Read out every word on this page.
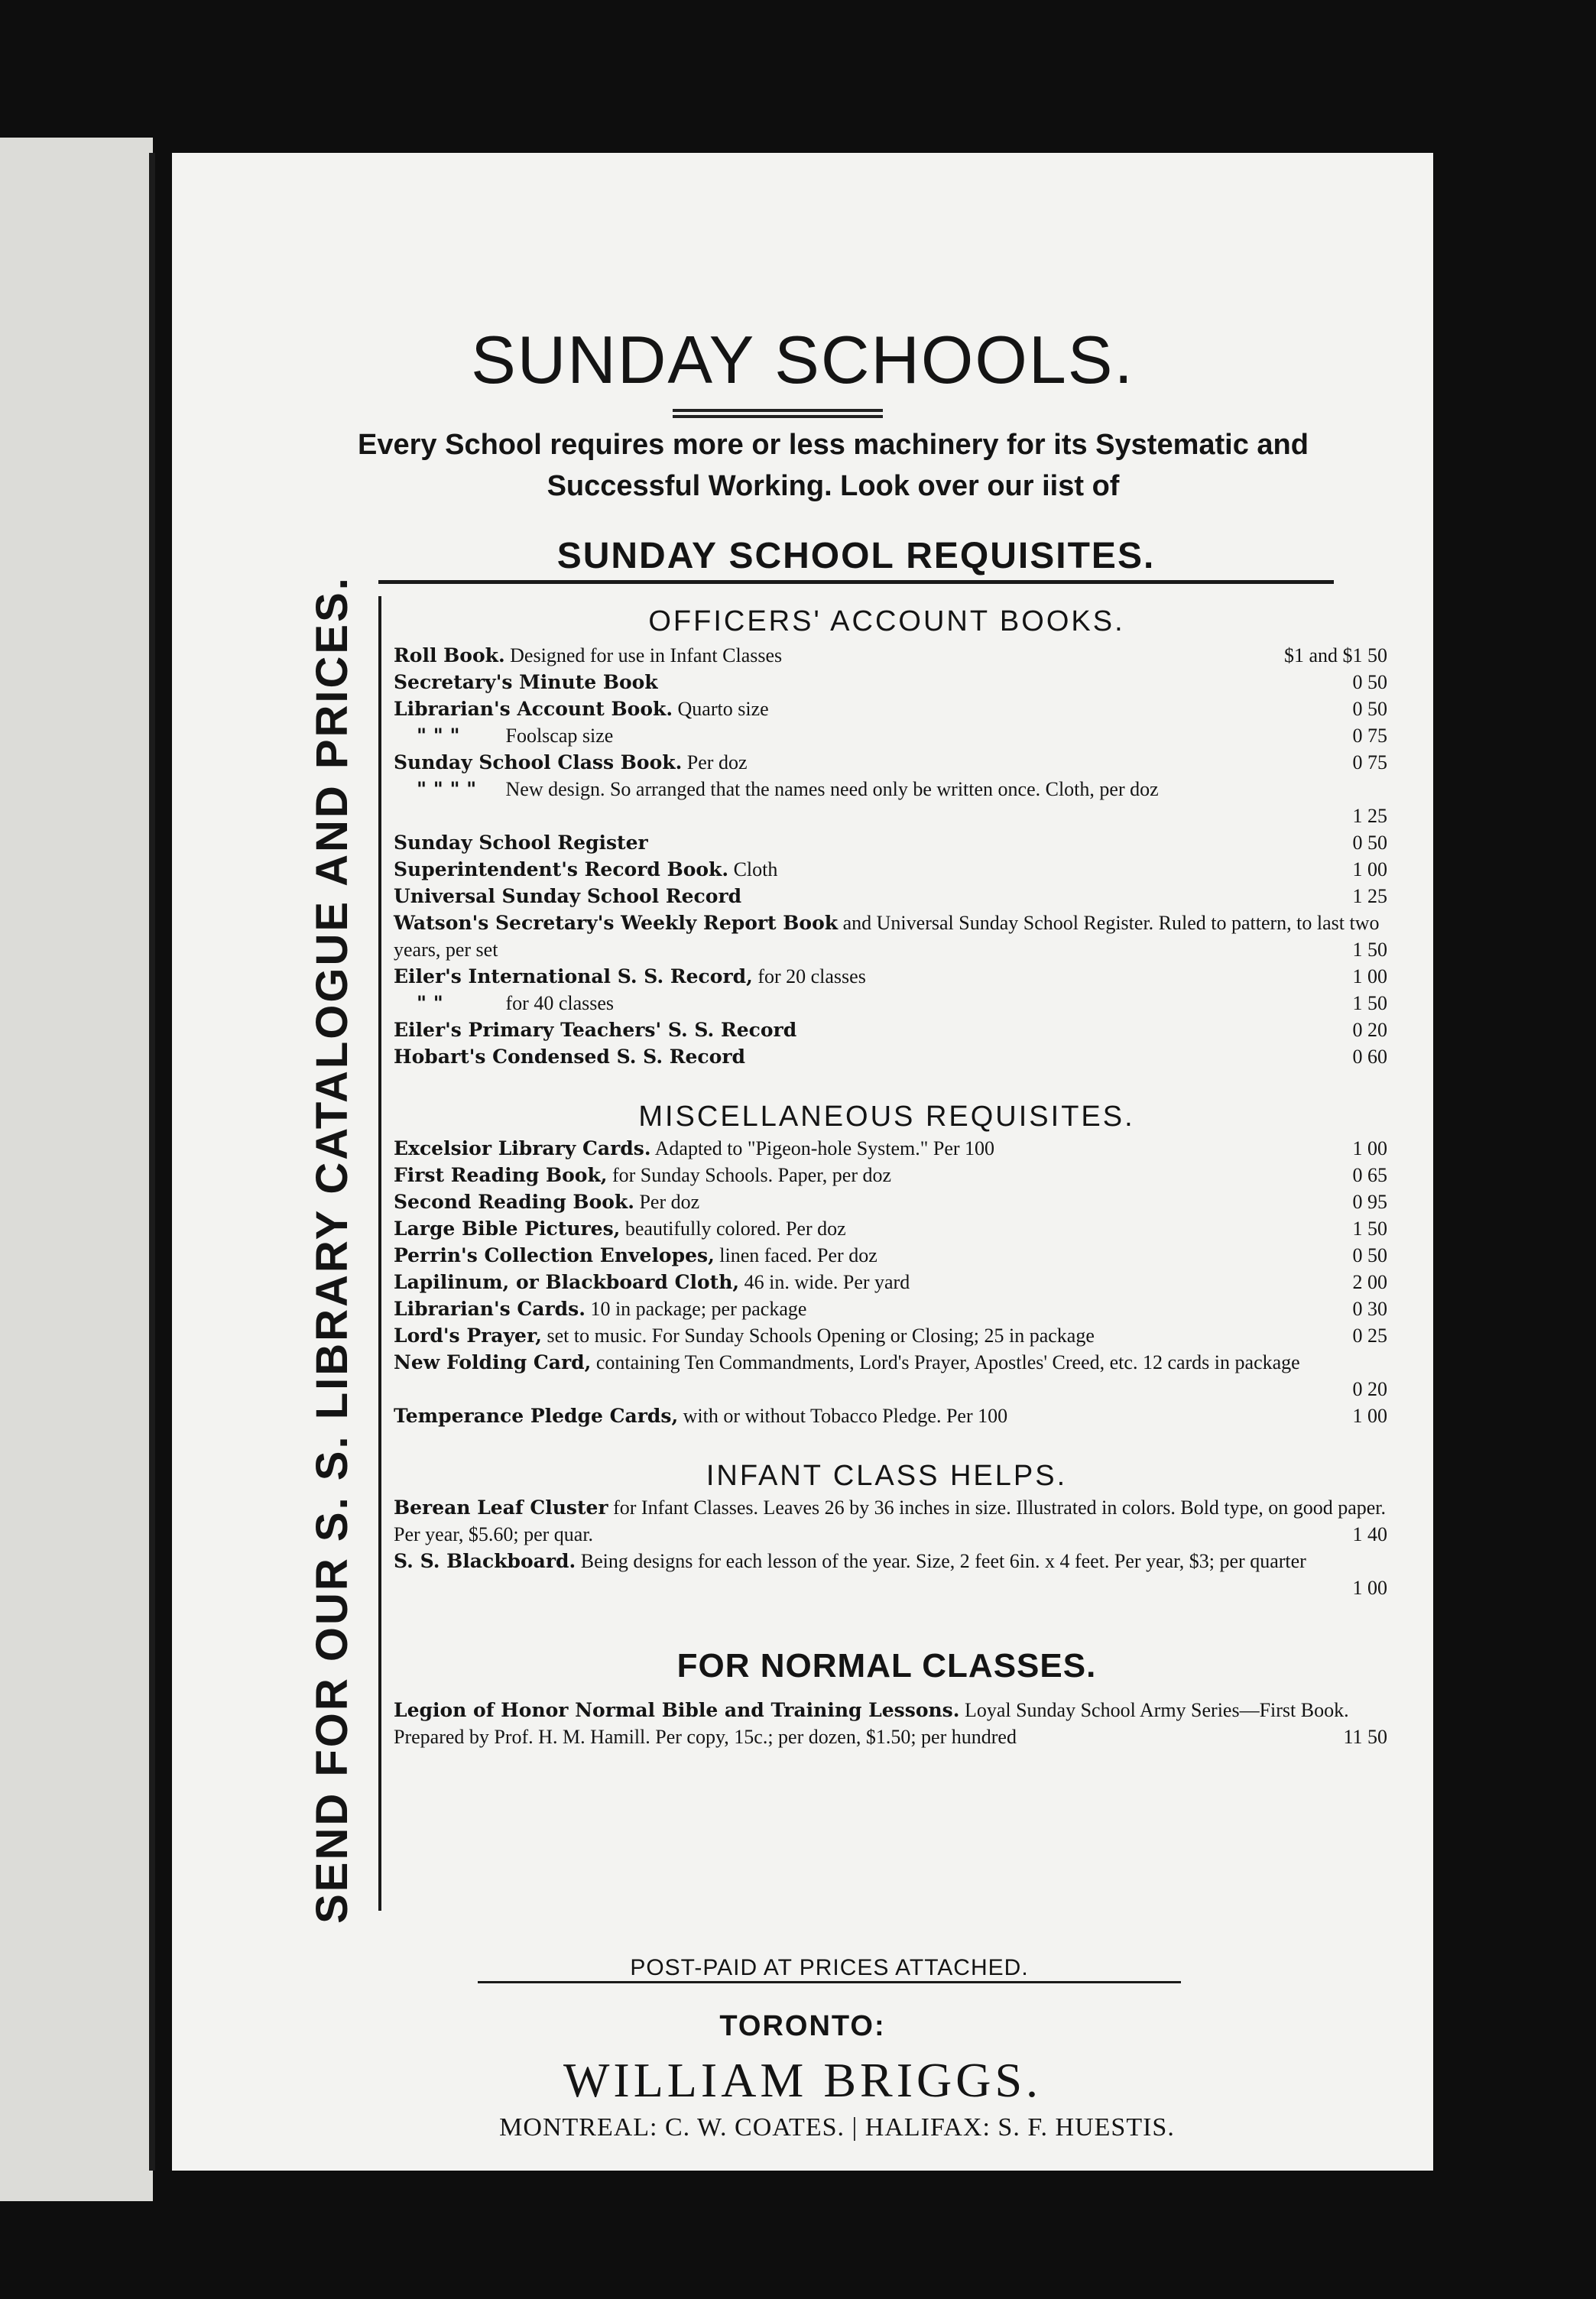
SUNDAY SCHOOLS.
Every School requires more or less machinery for its Systematic and Successful Working. Look over our iist of
SUNDAY SCHOOL REQUISITES.
SEND FOR OUR S. S. LIBRARY CATALOGUE AND PRICES.	OFFICERS' ACCOUNT BOOKS.
Roll Book. Designed for use in Infant Classes	$1 and $1 50
Secretary's Minute Book	0 50
Librarian's Account Book. Quarto size	0 50
" " " Foolscap size	0 75
Sunday School Class Book. Per doz	0 75
" " " " New design. So arranged that the names need only be written once. Cloth, per doz
1 25
Sunday School Register	0 50
Superintendent's Record Book. Cloth	1 00
Universal Sunday School Record	1 25
Watson's Secretary's Weekly Report Book and Universal Sunday School Register. Ruled to pattern, to last two years, per set	1 50
Eiler's International S. S. Record, for 20 classes	1 00
" "	for 40 classes	1 50
Eiler's Primary Teachers' S. S. Record	0 20
Hobart's Condensed S. S. Record	0 60
MISCELLANEOUS REQUISITES.
Excelsior Library Cards. Adapted to "Pigeon-hole System." Per 100	1 00
First Reading Book, for Sunday Schools. Paper, per doz	0 65
Second Reading Book. Per doz	0 95
Large Bible Pictures, beautifully colored. Per doz	1 50
Perrin's Collection Envelopes, linen faced. Per doz	0 50
Lapilinum, or Blackboard Cloth, 46 in. wide. Per yard	2 00
Librarian's Cards. 10 in package; per package	0 30
Lord's Prayer, set to music. For Sunday Schools Opening or Closing; 25 in package	0 25
New Folding Card, containing Ten Commandments, Lord's Prayer, Apostles' Creed, etc. 12 cards in package
0 20
Temperance Pledge Cards, with or without Tobacco Pledge. Per 100	1 00
INFANT CLASS HELPS.
Berean Leaf Cluster for Infant Classes. Leaves 26 by 36 inches in size. Illustrated in colors. Bold type, on good paper. Per year, $5.60; per quar.	1 40
S. S. Blackboard. Being designs for each lesson of the year. Size, 2 feet 6in. x 4 feet. Per year, $3; per quarter
1 00
FOR NORMAL CLASSES.
Legion of Honor Normal Bible and Training Lessons. Loyal Sunday School Army Series—First Book. Prepared by Prof. H. M. Hamill. Per copy, 15c.; per dozen, $1.50; per hundred	11 50
POST-PAID AT PRICES ATTACHED.
TORONTO:
WILLIAM BRIGGS.
MONTREAL: C. W. COATES. | HALIFAX: S. F. HUESTIS.
